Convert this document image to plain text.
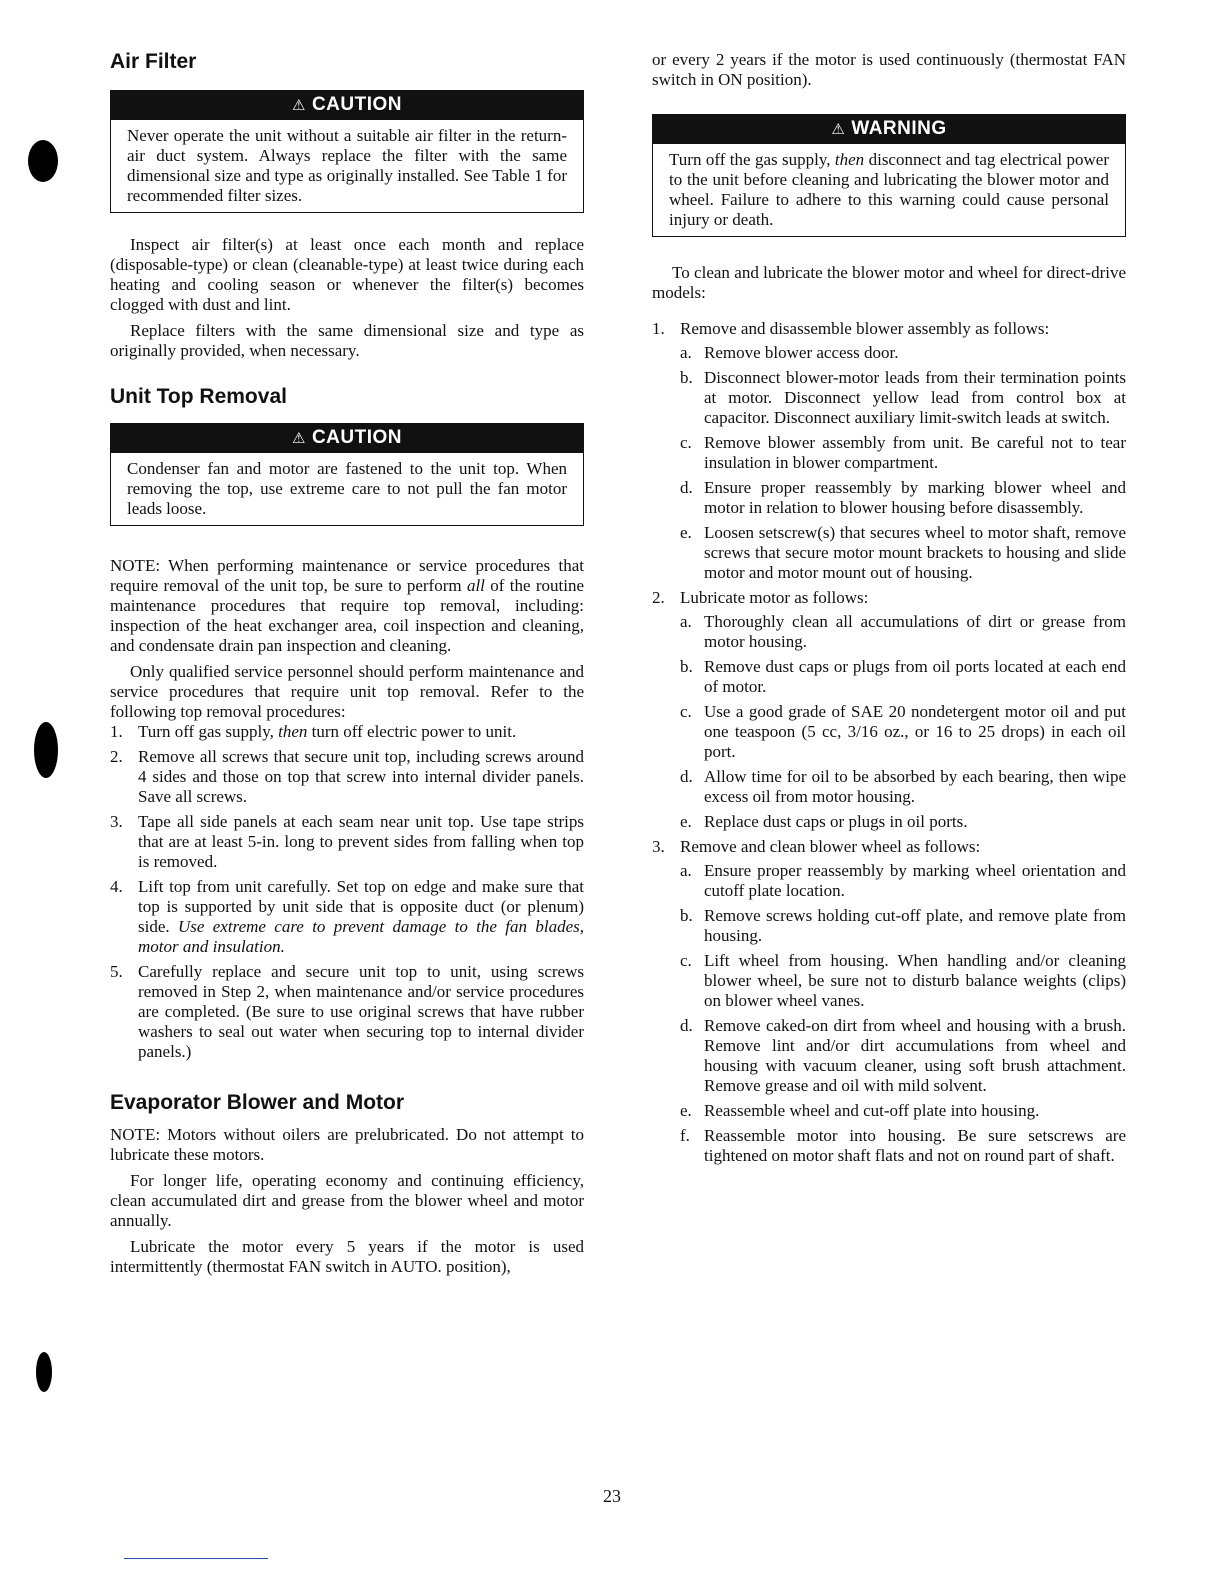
Air Filter
⚠ CAUTION
Never operate the unit without a suitable air filter in the return-air duct system. Always replace the filter with the same dimensional size and type as originally installed. See Table 1 for recommended filter sizes.

Inspect air filter(s) at least once each month and replace (disposable-type) or clean (cleanable-type) at least twice during each heating and cooling season or whenever the filter(s) becomes clogged with dust and lint.

Replace filters with the same dimensional size and type as originally provided, when necessary.

Unit Top Removal
⚠ CAUTION
Condenser fan and motor are fastened to the unit top. When removing the top, use extreme care to not pull the fan motor leads loose.

NOTE: When performing maintenance or service procedures that require removal of the unit top, be sure to perform all of the routine maintenance procedures that require top removal, including: inspection of the heat exchanger area, coil inspection and cleaning, and condensate drain pan inspection and cleaning.

Only qualified service personnel should perform maintenance and service procedures that require unit top removal. Refer to the following top removal procedures:

1. Turn off gas supply, then turn off electric power to unit.
2. Remove all screws that secure unit top, including screws around 4 sides and those on top that screw into internal divider panels. Save all screws.
3. Tape all side panels at each seam near unit top. Use tape strips that are at least 5-in. long to prevent sides from falling when top is removed.
4. Lift top from unit carefully. Set top on edge and make sure that top is supported by unit side that is opposite duct (or plenum) side. Use extreme care to prevent damage to the fan blades, motor and insulation.
5. Carefully replace and secure unit top to unit, using screws removed in Step 2, when maintenance and/or service procedures are completed. (Be sure to use original screws that have rubber washers to seal out water when securing top to internal divider panels.)
Evaporator Blower and Motor

NOTE: Motors without oilers are prelubricated. Do not attempt to lubricate these motors.

For longer life, operating economy and continuing efficiency, clean accumulated dirt and grease from the blower wheel and motor annually.

Lubricate the motor every 5 years if the motor is used intermittently (thermostat FAN switch in AUTO. position),

or every 2 years if the motor is used continuously (thermostat FAN switch in ON position).

⚠ WARNING
Turn off the gas supply, then disconnect and tag electrical power to the unit before cleaning and lubricating the blower motor and wheel. Failure to adhere to this warning could cause personal injury or death.

To clean and lubricate the blower motor and wheel for direct-drive models:

1. Remove and disassemble blower assembly as follows:
a. Remove blower access door.
b. Disconnect blower-motor leads from their termination points at motor. Disconnect yellow lead from control box at capacitor. Disconnect auxiliary limit-switch leads at switch.
c. Remove blower assembly from unit. Be careful not to tear insulation in blower compartment.
d. Ensure proper reassembly by marking blower wheel and motor in relation to blower housing before disassembly.
e. Loosen setscrew(s) that secures wheel to motor shaft, remove screws that secure motor mount brackets to housing and slide motor and motor mount out of housing.
2. Lubricate motor as follows:
a. Thoroughly clean all accumulations of dirt or grease from motor housing.
b. Remove dust caps or plugs from oil ports located at each end of motor.
c. Use a good grade of SAE 20 nondetergent motor oil and put one teaspoon (5 cc, 3/16 oz., or 16 to 25 drops) in each oil port.
d. Allow time for oil to be absorbed by each bearing, then wipe excess oil from motor housing.
e. Replace dust caps or plugs in oil ports.
3. Remove and clean blower wheel as follows:
a. Ensure proper reassembly by marking wheel orientation and cutoff plate location.
b. Remove screws holding cut-off plate, and remove plate from housing.
c. Lift wheel from housing. When handling and/or cleaning blower wheel, be sure not to disturb balance weights (clips) on blower wheel vanes.
d. Remove caked-on dirt from wheel and housing with a brush. Remove lint and/or dirt accumulations from wheel and housing with vacuum cleaner, using soft brush attachment. Remove grease and oil with mild solvent.
e. Reassemble wheel and cut-off plate into housing.
f. Reassemble motor into housing. Be sure setscrews are tightened on motor shaft flats and not on round part of shaft.
23
